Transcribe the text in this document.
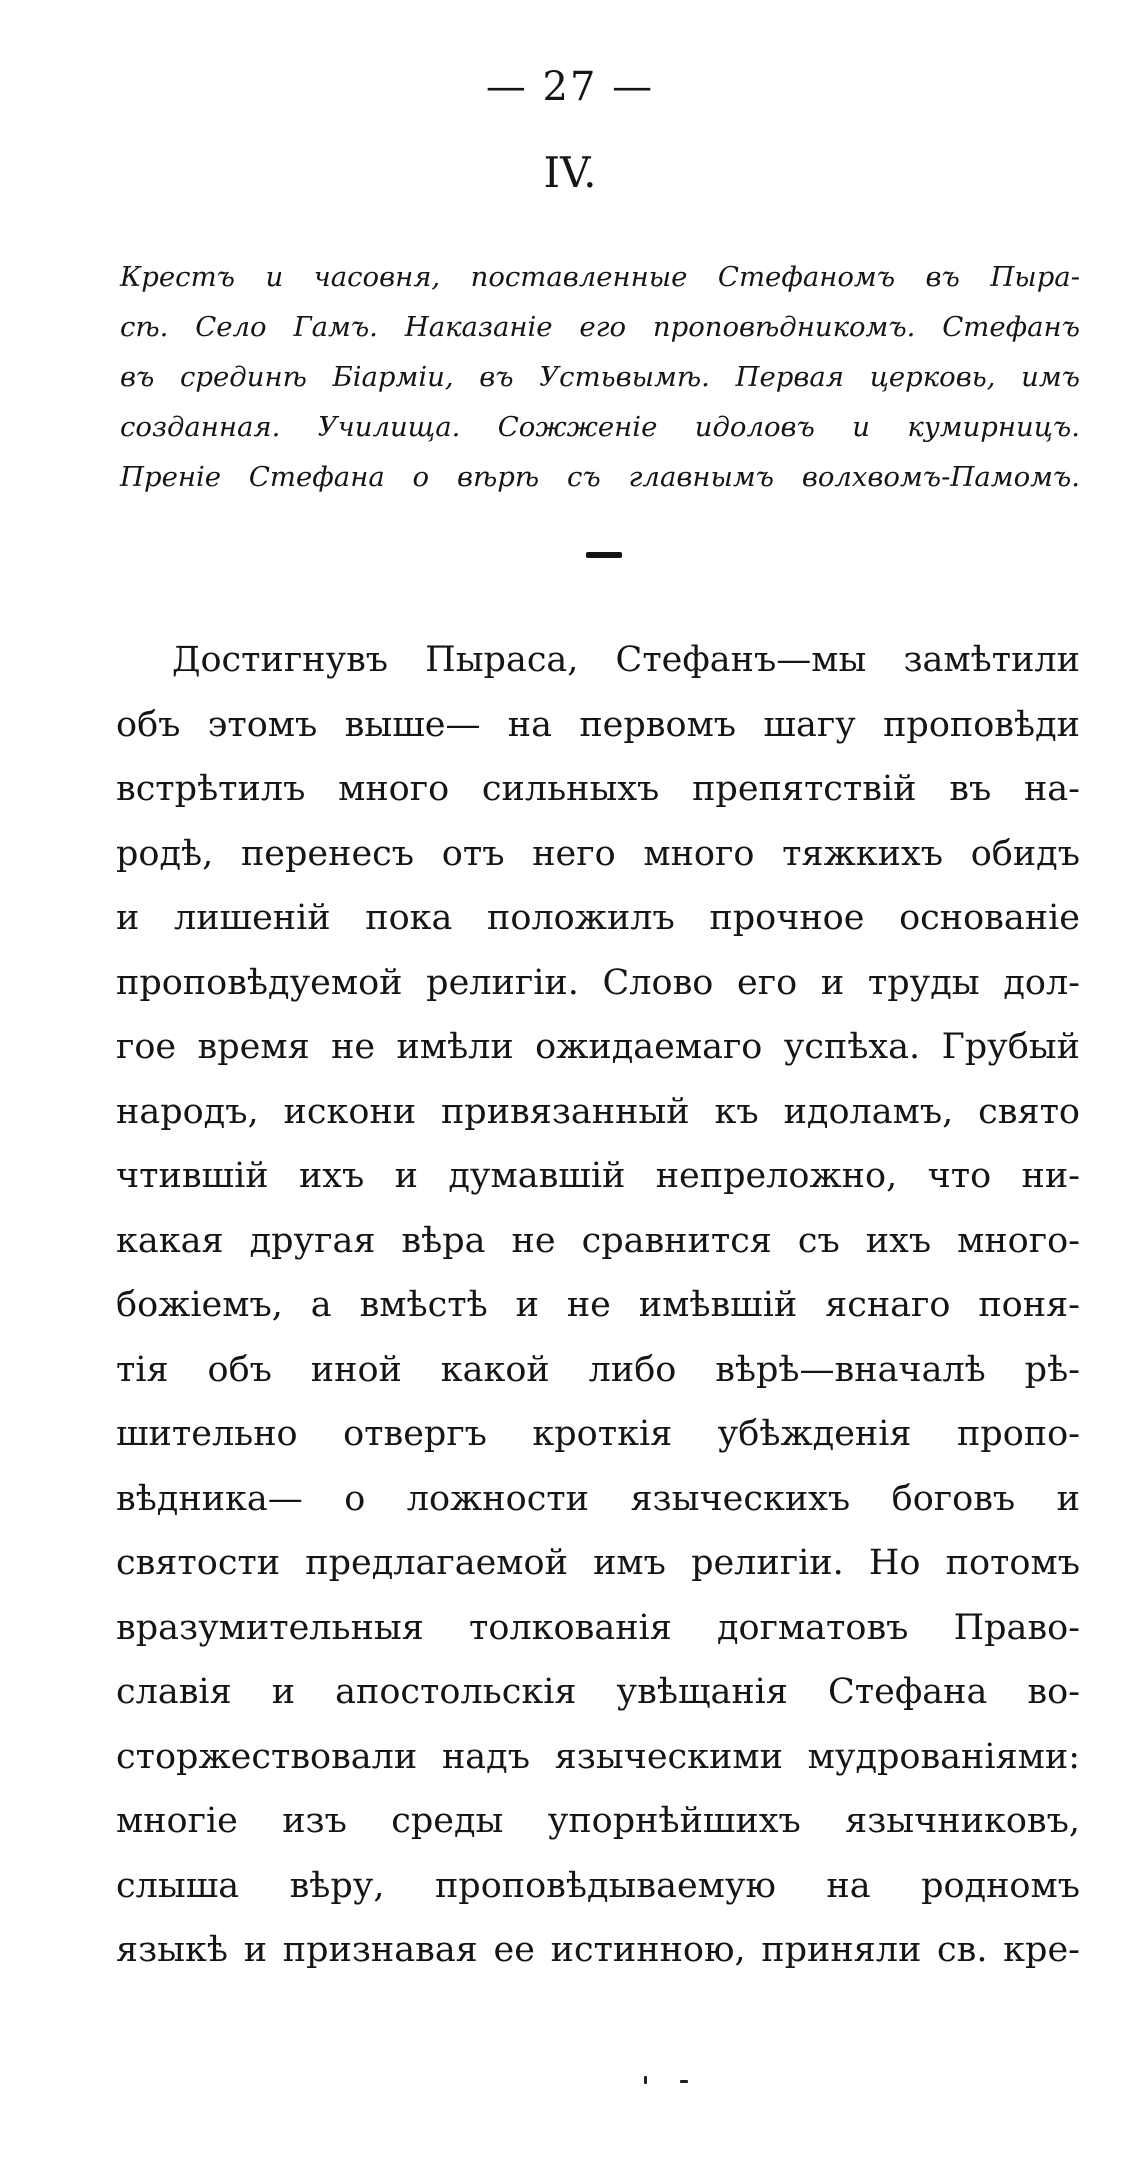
— 27 —
IV.
Крестъ и часовня, поставленные Стефаномъ въ Пыра-
сѣ. Село Гамъ. Наказаніе его проповѣдникомъ. Стефанъ
въ срединѣ Біарміи, въ Устьвымѣ. Первая церковь, имъ
созданная. Училища. Сожженіе идоловъ и кумирницъ.
Преніе Стефана о вѣрѣ съ главнымъ волхвомъ-Памомъ.
Достигнувъ Пыраса, Стефанъ—мы замѣтили
объ этомъ выше— на первомъ шагу проповѣди
встрѣтилъ много сильныхъ препятствій въ на-
родѣ, перенесъ отъ него много тяжкихъ обидъ
и лишеній пока положилъ прочное основаніе
проповѣдуемой религіи. Слово его и труды дол-
гое время не имѣли ожидаемаго успѣха. Грубый
народъ, искони привязанный къ идоламъ, свято
чтившій ихъ и думавшій непреложно, что ни-
какая другая вѣра не сравнится съ ихъ много-
божіемъ, а вмѣстѣ и не имѣвшій яснаго поня-
тія объ иной какой либо вѣрѣ—вначалѣ рѣ-
шительно отвергъ кроткія убѣжденія пропо-
вѣдника— о ложности языческихъ боговъ и
святости предлагаемой имъ религіи. Но потомъ
вразумительныя толкованія догматовъ Право-
славія и апостольскія увѣщанія Стефана во-
сторжествовали надъ языческими мудрованіями:
многіе изъ среды упорнѣйшихъ язычниковъ,
слыша вѣру, проповѣдываемую на родномъ
языкѣ и признавая ее истинною, приняли св. кре-
